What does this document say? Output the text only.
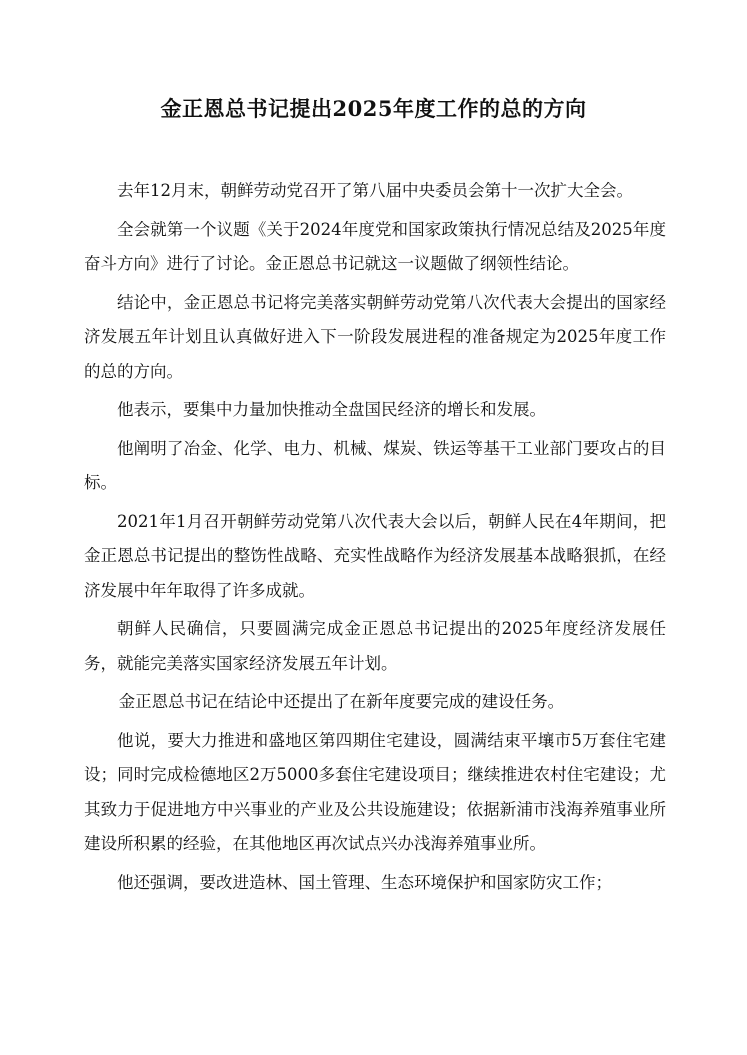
金正恩总书记提出2025年度工作的总的方向

去年12月末，朝鲜劳动党召开了第八届中央委员会第十一次扩大全会。

全会就第一个议题《关于2024年度党和国家政策执行情况总结及2025年度奋斗方向》进行了讨论。金正恩总书记就这一议题做了纲领性结论。

结论中，金正恩总书记将完美落实朝鲜劳动党第八次代表大会提出的国家经济发展五年计划且认真做好进入下一阶段发展进程的准备规定为2025年度工作的总的方向。

他表示，要集中力量加快推动全盘国民经济的增长和发展。

他阐明了冶金、化学、电力、机械、煤炭、铁运等基干工业部门要攻占的目标。

2021年1月召开朝鲜劳动党第八次代表大会以后，朝鲜人民在4年期间，把金正恩总书记提出的整饬性战略、充实性战略作为经济发展基本战略狠抓，在经济发展中年年取得了许多成就。

朝鲜人民确信，只要圆满完成金正恩总书记提出的2025年度经济发展任务，就能完美落实国家经济发展五年计划。

金正恩总书记在结论中还提出了在新年度要完成的建设任务。

他说，要大力推进和盛地区第四期住宅建设，圆满结束平壤市5万套住宅建设；同时完成检德地区2万5000多套住宅建设项目；继续推进农村住宅建设；尤其致力于促进地方中兴事业的产业及公共设施建设；依据新浦市浅海养殖事业所建设所积累的经验，在其他地区再次试点兴办浅海养殖事业所。

他还强调，要改进造林、国土管理、生态环境保护和国家防灾工作；
